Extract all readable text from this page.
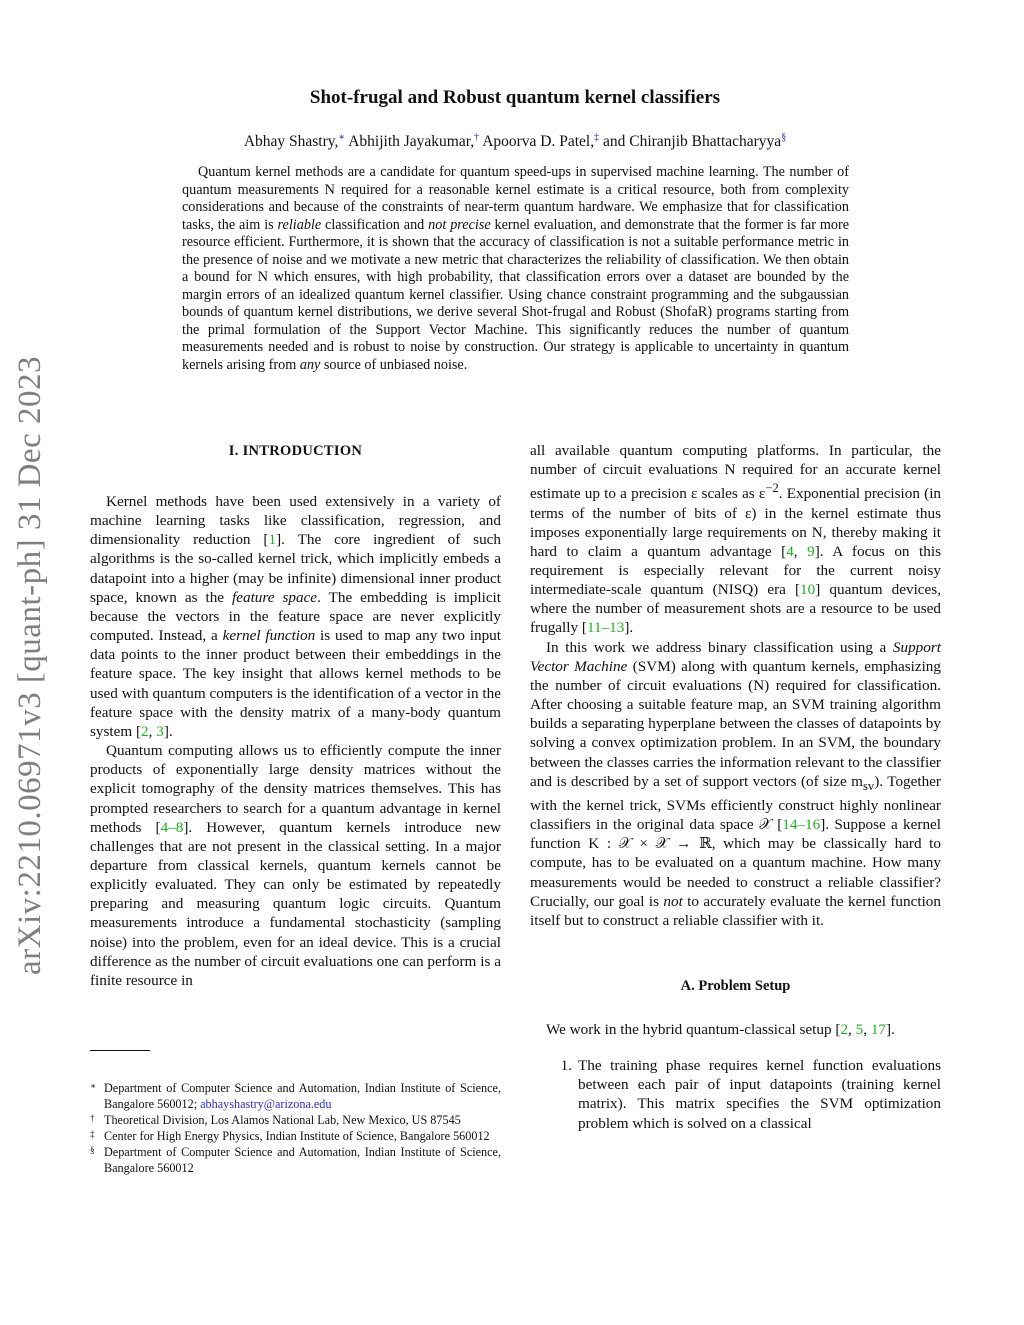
arXiv:2210.06971v3 [quant-ph] 31 Dec 2023
Shot-frugal and Robust quantum kernel classifiers
Abhay Shastry,∗ Abhijith Jayakumar,† Apoorva D. Patel,‡ and Chiranjib Bhattacharyya§
Quantum kernel methods are a candidate for quantum speed-ups in supervised machine learning. The number of quantum measurements N required for a reasonable kernel estimate is a critical resource, both from complexity considerations and because of the constraints of near-term quantum hardware. We emphasize that for classification tasks, the aim is reliable classification and not precise kernel evaluation, and demonstrate that the former is far more resource efficient. Furthermore, it is shown that the accuracy of classification is not a suitable performance metric in the presence of noise and we motivate a new metric that characterizes the reliability of classification. We then obtain a bound for N which ensures, with high probability, that classification errors over a dataset are bounded by the margin errors of an idealized quantum kernel classifier. Using chance constraint programming and the subgaussian bounds of quantum kernel distributions, we derive several Shot-frugal and Robust (ShofaR) programs starting from the primal formulation of the Support Vector Machine. This significantly reduces the number of quantum measurements needed and is robust to noise by construction. Our strategy is applicable to uncertainty in quantum kernels arising from any source of unbiased noise.
I. INTRODUCTION

Kernel methods have been used extensively in a variety of machine learning tasks like classification, regression, and dimensionality reduction [1]. The core ingredient of such algorithms is the so-called kernel trick, which implicitly embeds a datapoint into a higher (may be infinite) dimensional inner product space, known as the feature space. The embedding is implicit because the vectors in the feature space are never explicitly computed. Instead, a kernel function is used to map any two input data points to the inner product between their embeddings in the feature space. The key insight that allows kernel methods to be used with quantum computers is the identification of a vector in the feature space with the density matrix of a many-body quantum system [2, 3].

Quantum computing allows us to efficiently compute the inner products of exponentially large density matrices without the explicit tomography of the density matrices themselves. This has prompted researchers to search for a quantum advantage in kernel methods [4–8]. However, quantum kernels introduce new challenges that are not present in the classical setting. In a major departure from classical kernels, quantum kernels cannot be explicitly evaluated. They can only be estimated by repeatedly preparing and measuring quantum logic circuits. Quantum measurements introduce a fundamental stochasticity (sampling noise) into the problem, even for an ideal device. This is a crucial difference as the number of circuit evaluations one can perform is a finite resource in

all available quantum computing platforms. In particular, the number of circuit evaluations N required for an accurate kernel estimate up to a precision ε scales as $\varepsilon^{-2}$. Exponential precision (in terms of the number of bits of ε) in the kernel estimate thus imposes exponentially large requirements on N, thereby making it hard to claim a quantum advantage [4, 9]. A focus on this requirement is especially relevant for the current noisy intermediate-scale quantum (NISQ) era [10] quantum devices, where the number of measurement shots are a resource to be used frugally [11–13].

In this work we address binary classification using a Support Vector Machine (SVM) along with quantum kernels, emphasizing the number of circuit evaluations (N) required for classification. After choosing a suitable feature map, an SVM training algorithm builds a separating hyperplane between the classes of datapoints by solving a convex optimization problem. In an SVM, the boundary between the classes carries the information relevant to the classifier and is described by a set of support vectors (of size $m_{sv}$). Together with the kernel trick, SVMs efficiently construct highly nonlinear classifiers in the original data space 𝒳 [14–16]. Suppose a kernel function K : 𝒳 × 𝒳 → ℝ, which may be classically hard to compute, has to be evaluated on a quantum machine. How many measurements would be needed to construct a reliable classifier? Crucially, our goal is not to accurately evaluate the kernel function itself but to construct a reliable classifier with it.

A. Problem Setup

We work in the hybrid quantum-classical setup [2, 5, 17].

1. The training phase requires kernel function evaluations between each pair of input datapoints (training kernel matrix). This matrix specifies the SVM optimization problem which is solved on a classical
∗ Department of Computer Science and Automation, Indian Institute of Science, Bangalore 560012; abhayshastry@arizona.edu
† Theoretical Division, Los Alamos National Lab, New Mexico, US 87545
‡ Center for High Energy Physics, Indian Institute of Science, Bangalore 560012
§ Department of Computer Science and Automation, Indian Institute of Science, Bangalore 560012
